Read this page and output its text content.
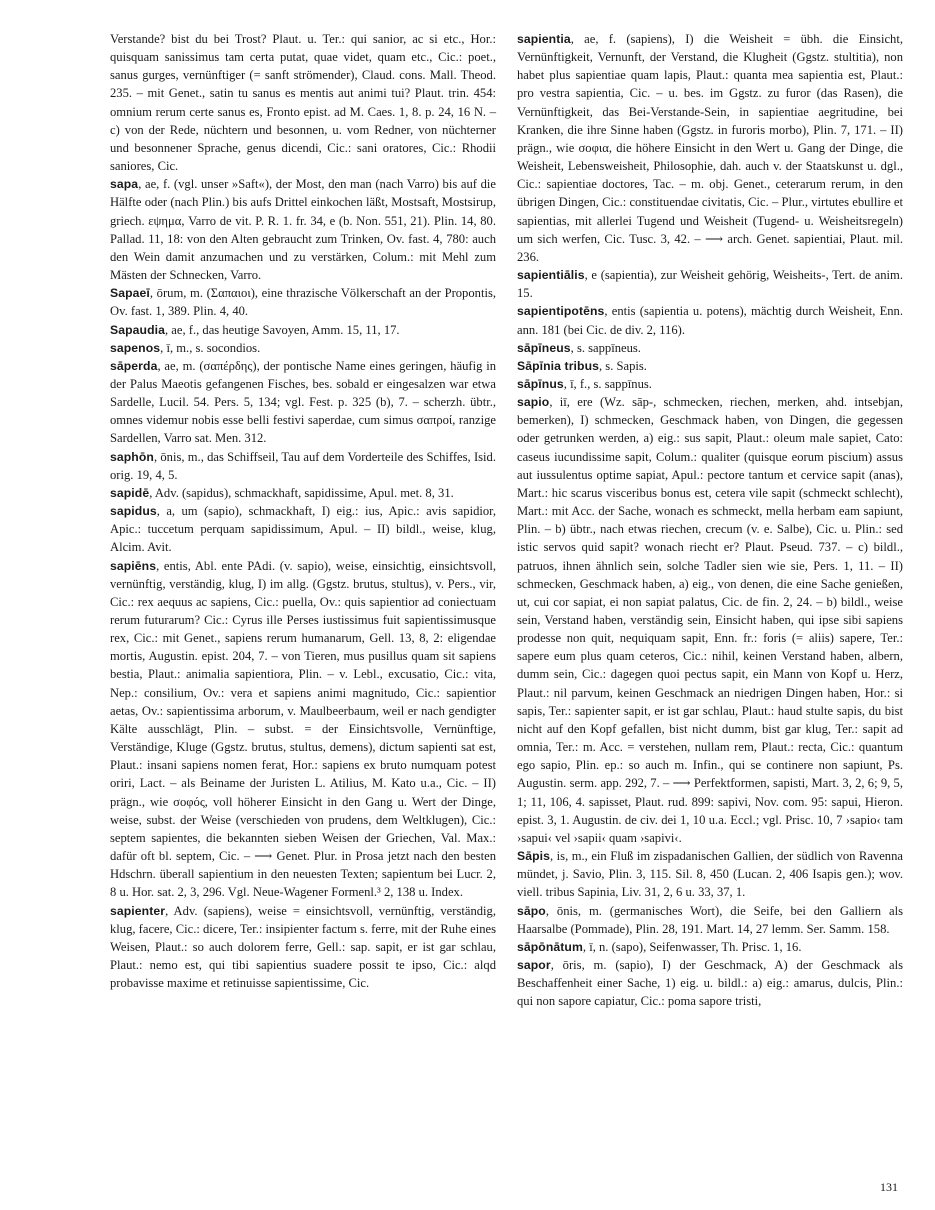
Verstande? bist du bei Trost? Plaut. u. Ter.: qui sanior, ac si etc., Hor.: quisquam sanissimus tam certa putat, quae videt, quam etc., Cic.: poet., sanus gurges, vernünftiger (= sanft strömender), Claud. cons. Mall. Theod. 235. – mit Genet., satin tu sanus es mentis aut animi tui? Plaut. trin. 454: omnium rerum certe sanus es, Fronto epist. ad M. Caes. 1, 8. p. 24, 16 N. – c) von der Rede, nüchtern und besonnen, u. vom Redner, von nüchterner und besonnener Sprache, genus dicendi, Cic.: sani oratores, Cic.: Rhodii saniores, Cic.

sapa, ae, f. (vgl. unser »Saft«), der Most, den man (nach Varro) bis auf die Hälfte oder (nach Plin.) bis aufs Drittel einkochen läßt, Mostsaft, Mostsirup, griech. εψημα, Varro de vit. P. R. 1. fr. 34, e (b. Non. 551, 21). Plin. 14, 80. Pallad. 11, 18: von den Alten gebraucht zum Trinken, Ov. fast. 4, 780: auch den Wein damit anzumachen und zu verstärken, Colum.: mit Mehl zum Mästen der Schnecken, Varro.

Sapaeī, ōrum, m. (Σαπαιοι), eine thrazische Völkerschaft an der Propontis, Ov. fast. 1, 389. Plin. 4, 40.

Sapaudia, ae, f., das heutige Savoyen, Amm. 15, 11, 17.

sapenos, ī, m., s. socondios.

sāperda, ae, m. (σαπέρδης), der pontische Name eines geringen, häufig in der Palus Maeotis gefangenen Fisches, bes. sobald er eingesalzen war etwa Sardelle, Lucil. 54. Pers. 5, 134; vgl. Fest. p. 325 (b), 7. – scherzh. übtr., omnes videmur nobis esse belli festivi saperdae, cum simus σαπροί, ranzige Sardellen, Varro sat. Men. 312.

saphōn, ōnis, m., das Schiffseil, Tau auf dem Vorderteile des Schiffes, Isid. orig. 19, 4, 5.

sapidē, Adv. (sapidus), schmackhaft, sapidissime, Apul. met. 8, 31.

sapidus, a, um (sapio), schmackhaft, I) eig.: ius, Apic.: avis sapidior, Apic.: tuccetum perquam sapidissimum, Apul. – II) bildl., weise, klug, Alcim. Avit.

sapiēns, entis, Abl. ente PAdi. (v. sapio), weise, einsichtig, einsichtsvoll, vernünftig, verständig, klug, I) im allg. (Ggstz. brutus, stultus), v. Pers., vir, Cic.: rex aequus ac sapiens, Cic.: puella, Ov.: quis sapientior ad coniectuam rerum futurarum? Cic.: Cyrus ille Perses iustissimus fuit sapientissimusque rex, Cic.: mit Genet., sapiens rerum humanarum, Gell. 13, 8, 2: eligendae mortis, Augustin. epist. 204, 7. – von Tieren, mus pusillus quam sit sapiens bestia, Plaut.: animalia sapientiora, Plin. – v. Lebl., excusatio, Cic.: vita, Nep.: consilium, Ov.: vera et sapiens animi magnitudo, Cic.: sapientior aetas, Ov.: sapientissima arborum, v. Maulbeerbaum, weil er nach gendigter Kälte ausschlägt, Plin. – subst. = der Einsichtsvolle, Vernünftige, Verständige, Kluge (Ggstz. brutus, stultus, demens), dictum sapienti sat est, Plaut.: insani sapiens nomen ferat, Hor.: sapiens ex bruto numquam potest oriri, Lact. – als Beiname der Juristen L. Atilius, M. Kato u.a., Cic. – II) prägn., wie σοφός, voll höherer Einsicht in den Gang u. Wert der Dinge, weise, subst. der Weise (verschieden von prudens, dem Weltklugen), Cic.: septem sapientes, die bekannten sieben Weisen der Griechen, Val. Max.: dafür oft bl. septem, Cic. – ⟶ Genet. Plur. in Prosa jetzt nach den besten Hdschrn. überall sapientium in den neuesten Texten; sapientum bei Lucr. 2, 8 u. Hor. sat. 2, 3, 296. Vgl. Neue-Wagener Formenl.³ 2, 138 u. Index.

sapienter, Adv. (sapiens), weise = einsichtsvoll, vernünftig, verständig, klug, facere, Cic.: dicere, Ter.: insipienter factum s. ferre, mit der Ruhe eines Weisen, Plaut.: so auch dolorem ferre, Gell.: sap. sapit, er ist gar schlau, Plaut.: nemo est, qui tibi sapientius suadere possit te ipso, Cic.: alqd probavisse maxime et retinuisse sapientissime, Cic.

sapientia, ae, f. (sapiens), I) die Weisheit = übh. die Einsicht, Vernünftigkeit, Vernunft, der Verstand, die Klugheit (Ggstz. stultitia), non habet plus sapientiae quam lapis, Plaut.: quanta mea sapientia est, Plaut.: pro vestra sapientia, Cic. – u. bes. im Ggstz. zu furor (das Rasen), die Vernünftigkeit, das Bei-Verstande-Sein, in sapientiae aegritudine, bei Kranken, die ihre Sinne haben (Ggstz. in furoris morbo), Plin. 7, 171. – II) prägn., wie σοφια, die höhere Einsicht in den Wert u. Gang der Dinge, die Weisheit, Lebensweisheit, Philosophie, dah. auch v. der Staatskunst u. dgl., Cic.: sapientiae doctores, Tac. – m. obj. Genet., ceterarum rerum, in den übrigen Dingen, Cic.: constituendae civitatis, Cic. – Plur., virtutes ebullire et sapientias, mit allerlei Tugend und Weisheit (Tugend- u. Weisheitsregeln) um sich werfen, Cic. Tusc. 3, 42. – ⟶ arch. Genet. sapientiai, Plaut. mil. 236.

sapientiālis, e (sapientia), zur Weisheit gehörig, Weisheits-, Tert. de anim. 15.

sapientipotēns, entis (sapientia u. potens), mächtig durch Weisheit, Enn. ann. 181 (bei Cic. de div. 2, 116).

sāpīneus, s. sappīneus.

Sāpīnia tribus, s. Sapis.

sāpīnus, ī, f., s. sappīnus.

sapio, iī, ere (Wz. sāp-, schmecken, riechen, merken, ahd. intsebjan, bemerken), I) schmecken, Geschmack haben, von Dingen, die gegessen oder getrunken werden, a) eig.: sus sapit, Plaut.: oleum male sapiet, Cato: caseus iucundissime sapit, Colum.: qualiter (quisque eorum piscium) assus aut iussulentus optime sapiat, Apul.: pectore tantum et cervice sapit (anas), Mart.: hic scarus visceribus bonus est, cetera vile sapit (schmeckt schlecht), Mart.: mit Acc. der Sache, wonach es schmeckt, mella herbam eam sapiunt, Plin. – b) übtr., nach etwas riechen, crecum (v. e. Salbe), Cic. u. Plin.: sed istic servos quid sapit? wonach riecht er? Plaut. Pseud. 737. – c) bildl., patruos, ihnen ähnlich sein, solche Tadler sien wie sie, Pers. 1, 11. – II) schmecken, Geschmack haben, a) eig., von denen, die eine Sache genießen, ut, cui cor sapiat, ei non sapiat palatus, Cic. de fin. 2, 24. – b) bildl., weise sein, Verstand haben, verständig sein, Einsicht haben, qui ipse sibi sapiens prodesse non quit, nequiquam sapit, Enn. fr.: foris (= aliis) sapere, Ter.: sapere eum plus quam ceteros, Cic.: nihil, keinen Verstand haben, albern, dumm sein, Cic.: dagegen quoi pectus sapit, ein Mann von Kopf u. Herz, Plaut.: nil parvum, keinen Geschmack an niedrigen Dingen haben, Hor.: si sapis, Ter.: sapienter sapit, er ist gar schlau, Plaut.: haud stulte sapis, du bist nicht auf den Kopf gefallen, bist nicht dumm, bist gar klug, Ter.: sapit ad omnia, Ter.: m. Acc. = verstehen, nullam rem, Plaut.: recta, Cic.: quantum ego sapio, Plin. ep.: so auch m. Infin., qui se continere non sapiunt, Ps. Augustin. serm. app. 292, 7. – ⟶ Perfektformen, sapisti, Mart. 3, 2, 6; 9, 5, 1; 11, 106, 4. sapisset, Plaut. rud. 899: sapivi, Nov. com. 95: sapui, Hieron. epist. 3, 1. Augustin. de civ. dei 1, 10 u.a. Eccl.; vgl. Prisc. 10, 7 ›sapio‹ tam ›sapui‹ vel ›sapii‹ quam ›sapivi‹.

Sāpis, is, m., ein Fluß im zispadanischen Gallien, der südlich von Ravenna mündet, j. Savio, Plin. 3, 115. Sil. 8, 450 (Lucan. 2, 406 Isapis gen.); wov. viell. tribus Sapinia, Liv. 31, 2, 6 u. 33, 37, 1.

sāpo, ōnis, m. (germanisches Wort), die Seife, bei den Galliern als Haarsalbe (Pommade), Plin. 28, 191. Mart. 14, 27 lemm. Ser. Samm. 158.

sāpōnātum, ī, n. (sapo), Seifenwasser, Th. Prisc. 1, 16.

sapor, ōris, m. (sapio), I) der Geschmack, A) der Geschmack als Beschaffenheit einer Sache, 1) eig. u. bildl.: a) eig.: amarus, dulcis, Plin.: qui non sapore capiatur, Cic.: poma sapore tristi,

131
